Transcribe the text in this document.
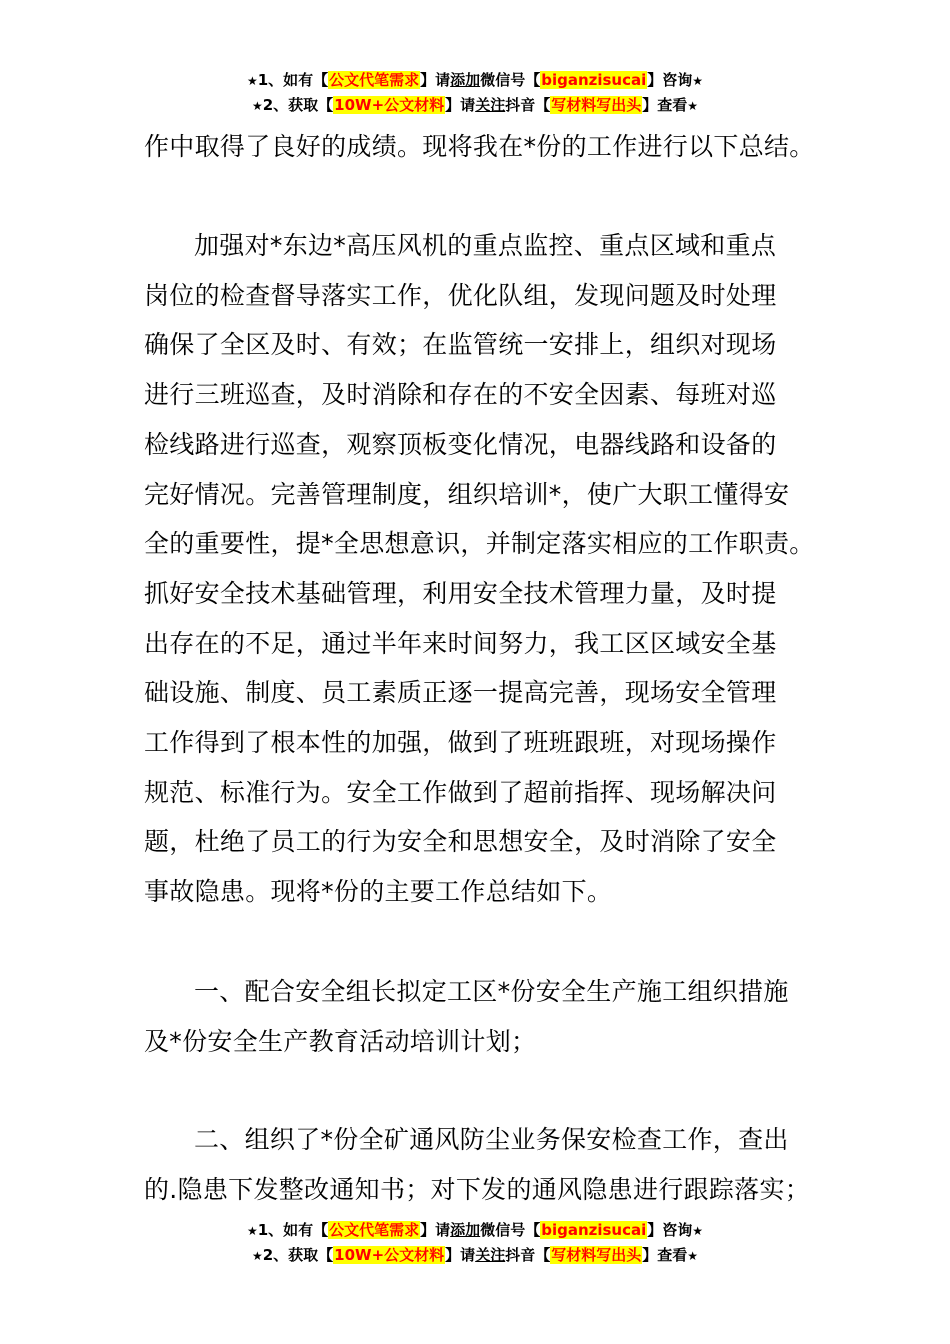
★1、如有【公文代笔需求】请添加微信号【biganzisucai】咨询★
★2、获取【10W+公文材料】请关注抖音【写材料写出头】查看★
作中取得了良好的成绩。现将我在*份的工作进行以下总结。
加强对*东边*高压风机的重点监控、重点区域和重点
岗位的检查督导落实工作，优化队组，发现问题及时处理
确保了全区及时、有效；在监管统一安排上，组织对现场
进行三班巡查，及时消除和存在的不安全因素、每班对巡
检线路进行巡查，观察顶板变化情况，电器线路和设备的
完好情况。完善管理制度，组织培训*，使广大职工懂得安
全的重要性，提*全思想意识，并制定落实相应的工作职责。
抓好安全技术基础管理，利用安全技术管理力量，及时提
出存在的不足，通过半年来时间努力，我工区区域安全基
础设施、制度、员工素质正逐一提高完善，现场安全管理
工作得到了根本性的加强，做到了班班跟班，对现场操作
规范、标准行为。安全工作做到了超前指挥、现场解决问
题，杜绝了员工的行为安全和思想安全，及时消除了安全
事故隐患。现将*份的主要工作总结如下。
一、配合安全组长拟定工区*份安全生产施工组织措施
及*份安全生产教育活动培训计划；
二、组织了*份全矿通风防尘业务保安检查工作，查出
的.隐患下发整改通知书；对下发的通风隐患进行跟踪落实；
★1、如有【公文代笔需求】请添加微信号【biganzisucai】咨询★
★2、获取【10W+公文材料】请关注抖音【写材料写出头】查看★
